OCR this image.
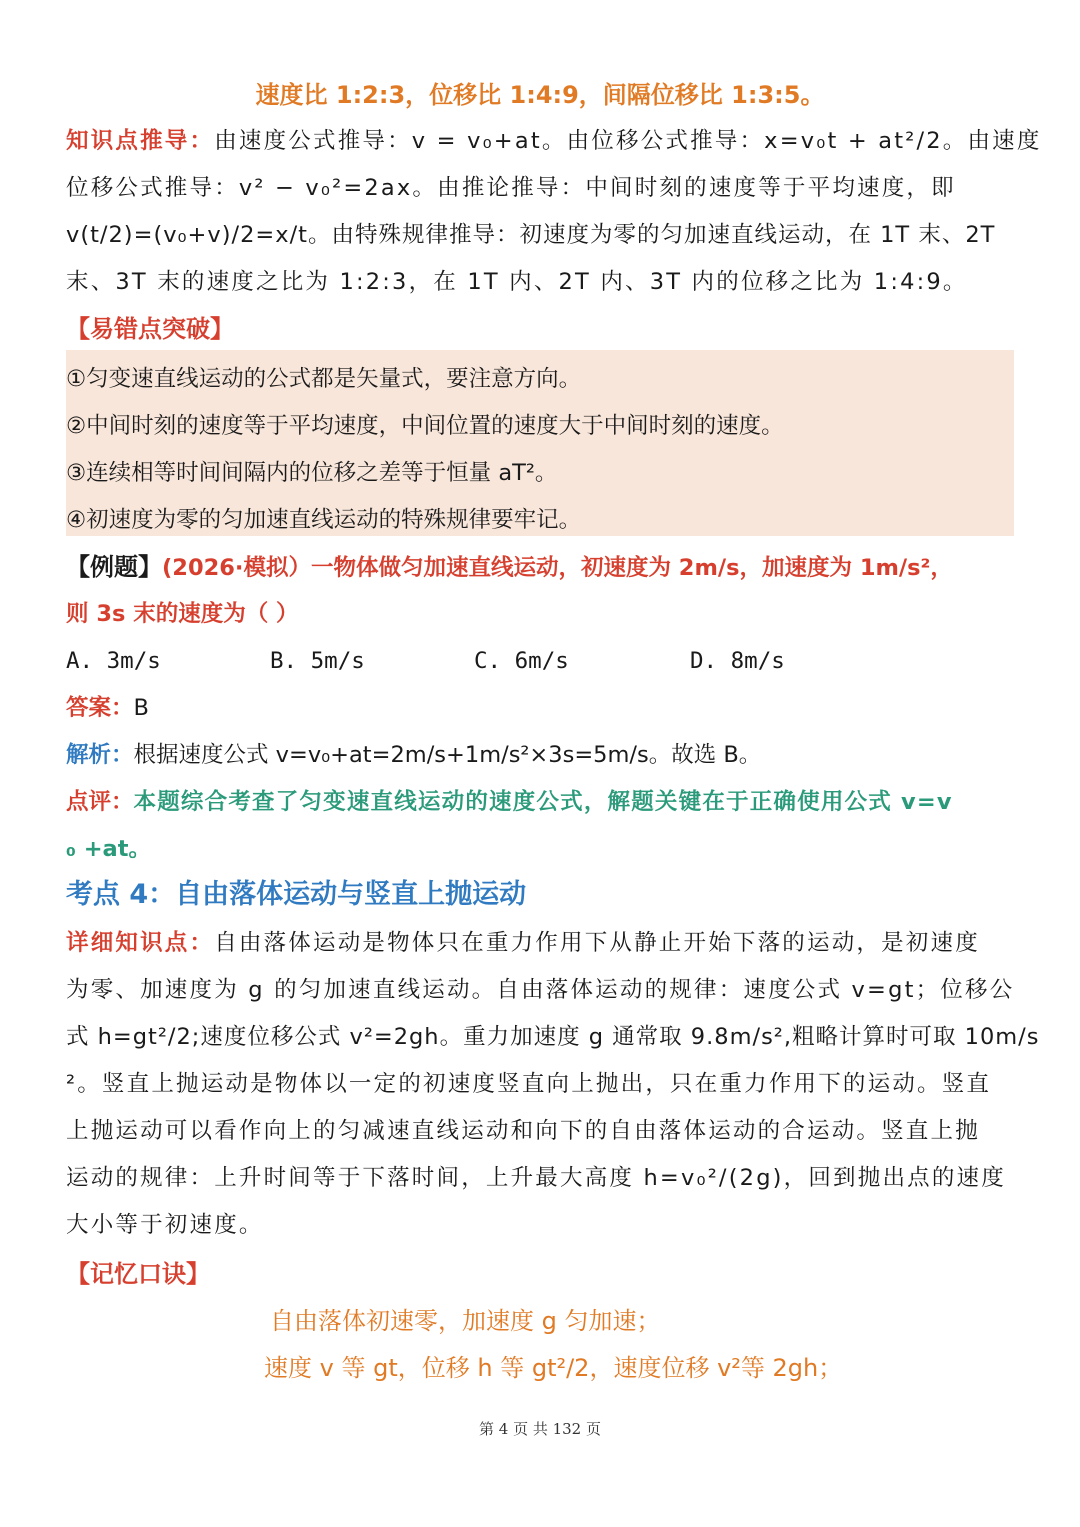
速度比 1:2:3，位移比 1:4:9，间隔位移比 1:3:5。
知识点推导：由速度公式推导：v = v₀+at。由位移公式推导：x=v₀t + at²/2。由速度
位移公式推导：v² − v₀²=2ax。由推论推导：中间时刻的速度等于平均速度，即
v(t/2)=(v₀+v)/2=x/t。由特殊规律推导：初速度为零的匀加速直线运动，在 1T 末、2T
末、3T 末的速度之比为 1:2:3，在 1T 内、2T 内、3T 内的位移之比为 1:4:9。
【易错点突破】
①匀变速直线运动的公式都是矢量式，要注意方向。
②中间时刻的速度等于平均速度，中间位置的速度大于中间时刻的速度。
③连续相等时间间隔内的位移之差等于恒量 aT²。
④初速度为零的匀加速直线运动的特殊规律要牢记。
【例题】(2026·模拟）一物体做匀加速直线运动，初速度为 2m/s，加速度为 1m/s²，
则 3s 末的速度为（ ）
A. 3m/s	B. 5m/s	C. 6m/s	D. 8m/s
答案：B
解析：根据速度公式 v=v₀+at=2m/s+1m/s²×3s=5m/s。故选 B。
点评：本题综合考查了匀变速直线运动的速度公式，解题关键在于正确使用公式 v=v
₀ +at。
考点 4：自由落体运动与竖直上抛运动
详细知识点：自由落体运动是物体只在重力作用下从静止开始下落的运动，是初速度
为零、加速度为 g 的匀加速直线运动。自由落体运动的规律：速度公式 v=gt；位移公
式 h=gt²/2;速度位移公式 v²=2gh。重力加速度 g 通常取 9.8m/s²,粗略计算时可取 10m/s
²。竖直上抛运动是物体以一定的初速度竖直向上抛出，只在重力作用下的运动。竖直
上抛运动可以看作向上的匀减速直线运动和向下的自由落体运动的合运动。竖直上抛
运动的规律：上升时间等于下落时间，上升最大高度 h=v₀²/(2g)，回到抛出点的速度
大小等于初速度。
【记忆口诀】
自由落体初速零，加速度 g 匀加速；
速度 v 等 gt，位移 h 等 gt²/2，速度位移 v²等 2gh；
第 4 页 共 132 页
